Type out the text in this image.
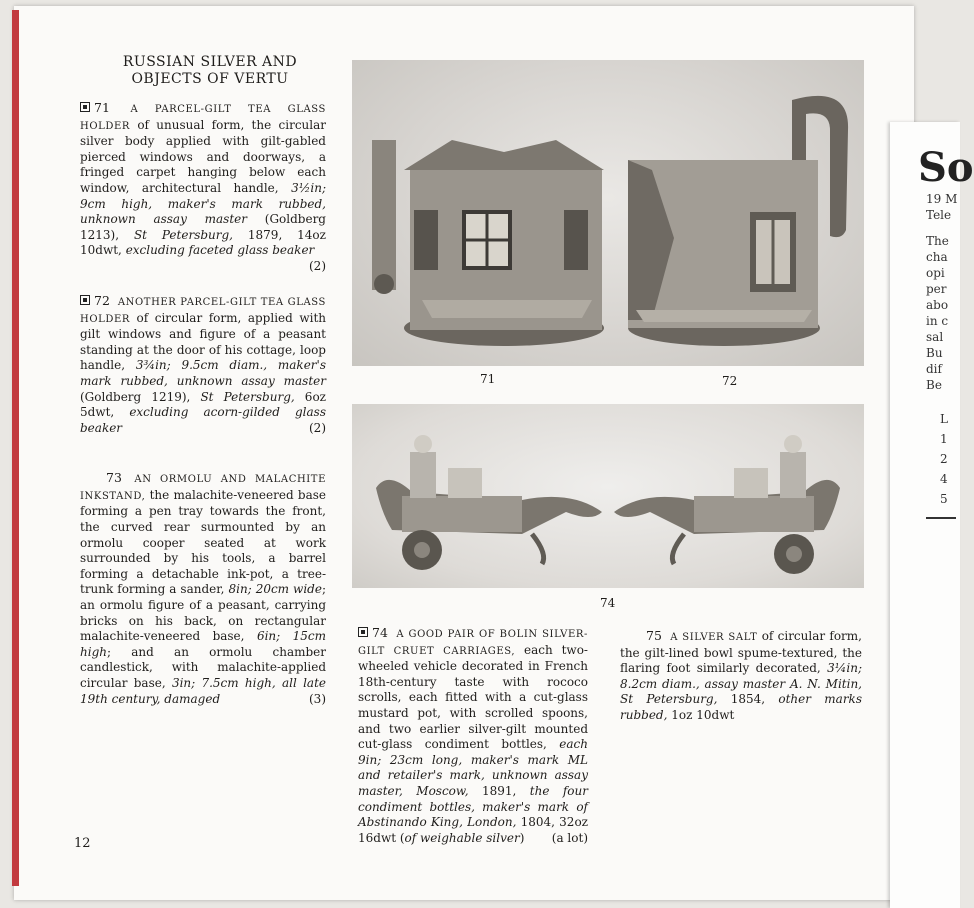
RUSSIAN SILVER AND OBJECTS OF VERTU

71 A PARCEL-GILT TEA GLASS HOLDER of unusual form, the circular silver body applied with gilt-gabled pierced windows and doorways, a fringed carpet hanging below each window, architectural handle, 3½in; 9cm high, maker's mark rubbed, unknown assay master (Goldberg 1213), St Petersburg, 1879, 14oz 10dwt, excluding faceted glass beaker
(2)

72 ANOTHER PARCEL-GILT TEA GLASS HOLDER of circular form, applied with gilt windows and figure of a peasant standing at the door of his cottage, loop handle, 3¾in; 9.5cm diam., maker's mark rubbed, unknown assay master (Goldberg 1219), St Petersburg, 6oz 5dwt, excluding acorn-gilded glass beaker	(2)

73 AN ORMOLU AND MALACHITE INKSTAND, the malachite-veneered base forming a pen tray towards the front, the curved rear surmounted by an ormolu cooper seated at work surrounded by his tools, a barrel forming a detachable ink-pot, a tree-trunk forming a sander, 8in; 20cm wide; an ormolu figure of a peasant, carrying bricks on his back, on rectangular malachite-veneered base, 6in; 15cm high; and an ormolu chamber candlestick, with malachite-applied circular base, 3in; 7.5cm high, all late 19th century, damaged	(3)

71	72
74

74 A GOOD PAIR OF BOLIN SILVER-GILT CRUET CARRIAGES, each two-wheeled vehicle decorated in French 18th-century taste with rococo scrolls, each fitted with a cut-glass mustard pot, with scrolled spoons, and two earlier silver-gilt mounted cut-glass condiment bottles, each 9in; 23cm long, maker's mark ML and retailer's mark, unknown assay master, Moscow, 1891, the four condiment bottles, maker's mark of Abstinando King, London, 1804, 32oz 16dwt (of weighable silver) (a lot)

75 A SILVER SALT of circular form, the gilt-lined bowl spume-textured, the flaring foot similarly decorated, 3¼in; 8.2cm diam., assay master A. N. Mitin, St Petersburg, 1854, other marks rubbed, 1oz 10dwt

12
So
19 M
Tele
The
cha
opi
per
abo
in c
sal
Bu
dif
Be
L
1
2
4
5
